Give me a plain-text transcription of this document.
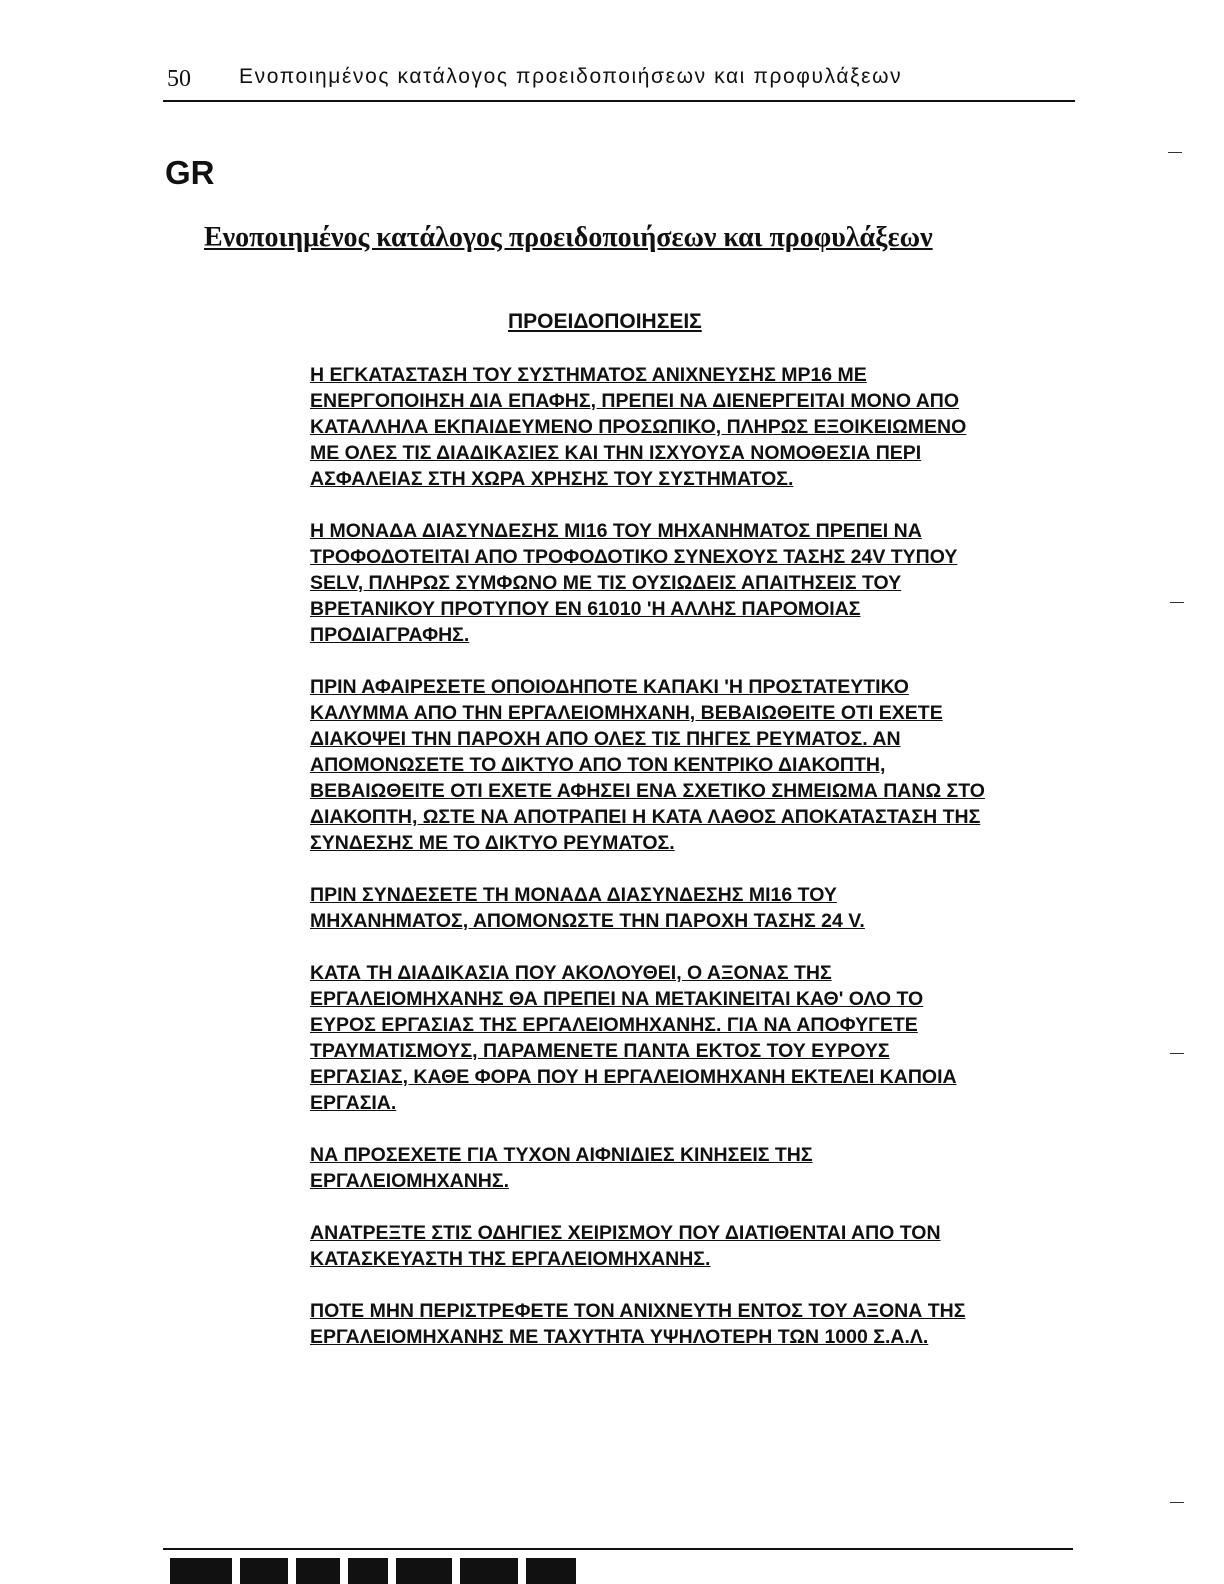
50 Ενοποιημένος κατάλογος προειδοποιήσεων και προφυλάξεων
GR
Ενοποιημένος κατάλογος προειδοποιήσεων και προφυλάξεων
ΠΡΟΕΙΔΟΠΟΙΗΣΕΙΣ

Η ΕΓΚΑΤΑΣΤΑΣΗ ΤΟΥ ΣΥΣΤΗΜΑΤΟΣ ΑΝΙΧΝΕΥΣΗΣ MP16 ΜΕ
ΕΝΕΡΓΟΠΟΙΗΣΗ ΔΙΑ ΕΠΑΦΗΣ, ΠΡΕΠΕΙ ΝΑ ΔΙΕΝΕΡΓΕΙΤΑΙ ΜΟΝΟ ΑΠΟ
ΚΑΤΑΛΛΗΛΑ ΕΚΠΑΙΔΕΥΜΕΝΟ ΠΡΟΣΩΠΙΚΟ, ΠΛΗΡΩΣ ΕΞΟΙΚΕΙΩΜΕΝΟ
ΜΕ ΟΛΕΣ ΤΙΣ ΔΙΑΔΙΚΑΣΙΕΣ ΚΑΙ ΤΗΝ ΙΣΧΥΟΥΣΑ ΝΟΜΟΘΕΣΙΑ ΠΕΡΙ
ΑΣΦΑΛΕΙΑΣ ΣΤΗ ΧΩΡΑ ΧΡΗΣΗΣ ΤΟΥ ΣΥΣΤΗΜΑΤΟΣ.

Η ΜΟΝΑΔΑ ΔΙΑΣΥΝΔΕΣΗΣ ΜΙ16 ΤΟΥ ΜΗΧΑΝΗΜΑΤΟΣ ΠΡΕΠΕΙ ΝΑ
ΤΡΟΦΟΔΟΤΕΙΤΑΙ ΑΠΟ ΤΡΟΦΟΔΟΤΙΚΟ ΣΥΝΕΧΟΥΣ ΤΑΣΗΣ 24V ΤΥΠΟΥ
SELV, ΠΛΗΡΩΣ ΣΥΜΦΩΝΟ ΜΕ ΤΙΣ ΟΥΣΙΩΔΕΙΣ ΑΠΑΙΤΗΣΕΙΣ ΤΟΥ
ΒΡΕΤΑΝΙΚΟΥ ΠΡΟΤΥΠΟΥ ΕΝ 61010 'Η ΑΛΛΗΣ ΠΑΡΟΜΟΙΑΣ
ΠΡΟΔΙΑΓΡΑΦΗΣ.

ΠΡΙΝ ΑΦΑΙΡΕΣΕΤΕ ΟΠΟΙΟΔΗΠΟΤΕ ΚΑΠΑΚΙ 'Η ΠΡΟΣΤΑΤΕΥΤΙΚΟ
ΚΑΛΥΜΜΑ ΑΠΟ ΤΗΝ ΕΡΓΑΛΕΙΟΜΗΧΑΝΗ, ΒΕΒΑΙΩΘΕΙΤΕ ΟΤΙ ΕΧΕΤΕ
ΔΙΑΚΟΨΕΙ ΤΗΝ ΠΑΡΟΧΗ ΑΠΟ ΟΛΕΣ ΤΙΣ ΠΗΓΕΣ ΡΕΥΜΑΤΟΣ. ΑΝ
ΑΠΟΜΟΝΩΣΕΤΕ ΤΟ ΔΙΚΤΥΟ ΑΠΟ ΤΟΝ ΚΕΝΤΡΙΚΟ ΔΙΑΚΟΠΤΗ,
ΒΕΒΑΙΩΘΕΙΤΕ ΟΤΙ ΕΧΕΤΕ ΑΦΗΣΕΙ ΕΝΑ ΣΧΕΤΙΚΟ ΣΗΜΕΙΩΜΑ ΠΑΝΩ ΣΤΟ
ΔΙΑΚΟΠΤΗ, ΩΣΤΕ ΝΑ ΑΠΟΤΡΑΠΕΙ Η ΚΑΤΑ ΛΑΘΟΣ ΑΠΟΚΑΤΑΣΤΑΣΗ ΤΗΣ
ΣΥΝΔΕΣΗΣ ΜΕ ΤΟ ΔΙΚΤΥΟ ΡΕΥΜΑΤΟΣ.

ΠΡΙΝ ΣΥΝΔΕΣΕΤΕ ΤΗ ΜΟΝΑΔΑ ΔΙΑΣΥΝΔΕΣΗΣ ΜΙ16 ΤΟΥ
ΜΗΧΑΝΗΜΑΤΟΣ, ΑΠΟΜΟΝΩΣΤΕ ΤΗΝ ΠΑΡΟΧΗ ΤΑΣΗΣ 24 V.

ΚΑΤΑ ΤΗ ΔΙΑΔΙΚΑΣΙΑ ΠΟΥ ΑΚΟΛΟΥΘΕΙ, Ο ΑΞΟΝΑΣ ΤΗΣ
ΕΡΓΑΛΕΙΟΜΗΧΑΝΗΣ ΘΑ ΠΡΕΠΕΙ ΝΑ ΜΕΤΑΚΙΝΕΙΤΑΙ ΚΑΘ' ΟΛΟ ΤΟ
ΕΥΡΟΣ ΕΡΓΑΣΙΑΣ ΤΗΣ ΕΡΓΑΛΕΙΟΜΗΧΑΝΗΣ. ΓΙΑ ΝΑ ΑΠΟΦΥΓΕΤΕ
ΤΡΑΥΜΑΤΙΣΜΟΥΣ, ΠΑΡΑΜΕΝΕΤΕ ΠΑΝΤΑ ΕΚΤΟΣ ΤΟΥ ΕΥΡΟΥΣ
ΕΡΓΑΣΙΑΣ, ΚΑΘΕ ΦΟΡΑ ΠΟΥ Η ΕΡΓΑΛΕΙΟΜΗΧΑΝΗ ΕΚΤΕΛΕΙ ΚΑΠΟΙΑ
ΕΡΓΑΣΙΑ.

ΝΑ ΠΡΟΣΕΧΕΤΕ ΓΙΑ ΤΥΧΟΝ ΑΙΦΝΙΔΙΕΣ ΚΙΝΗΣΕΙΣ ΤΗΣ
ΕΡΓΑΛΕΙΟΜΗΧΑΝΗΣ.

ΑΝΑΤΡΕΞΤΕ ΣΤΙΣ ΟΔΗΓΙΕΣ ΧΕΙΡΙΣΜΟΥ ΠΟΥ ΔΙΑΤΙΘΕΝΤΑΙ ΑΠΟ ΤΟΝ
ΚΑΤΑΣΚΕΥΑΣΤΗ ΤΗΣ ΕΡΓΑΛΕΙΟΜΗΧΑΝΗΣ.

ΠΟΤΕ ΜΗΝ ΠΕΡΙΣΤΡΕΦΕΤΕ ΤΟΝ ΑΝΙΧΝΕΥΤΗ ΕΝΤΟΣ ΤΟΥ ΑΞΟΝΑ ΤΗΣ
ΕΡΓΑΛΕΙΟΜΗΧΑΝΗΣ ΜΕ ΤΑΧΥΤΗΤΑ ΥΨΗΛΟΤΕΡΗ ΤΩΝ 1000 Σ.Α.Λ.
